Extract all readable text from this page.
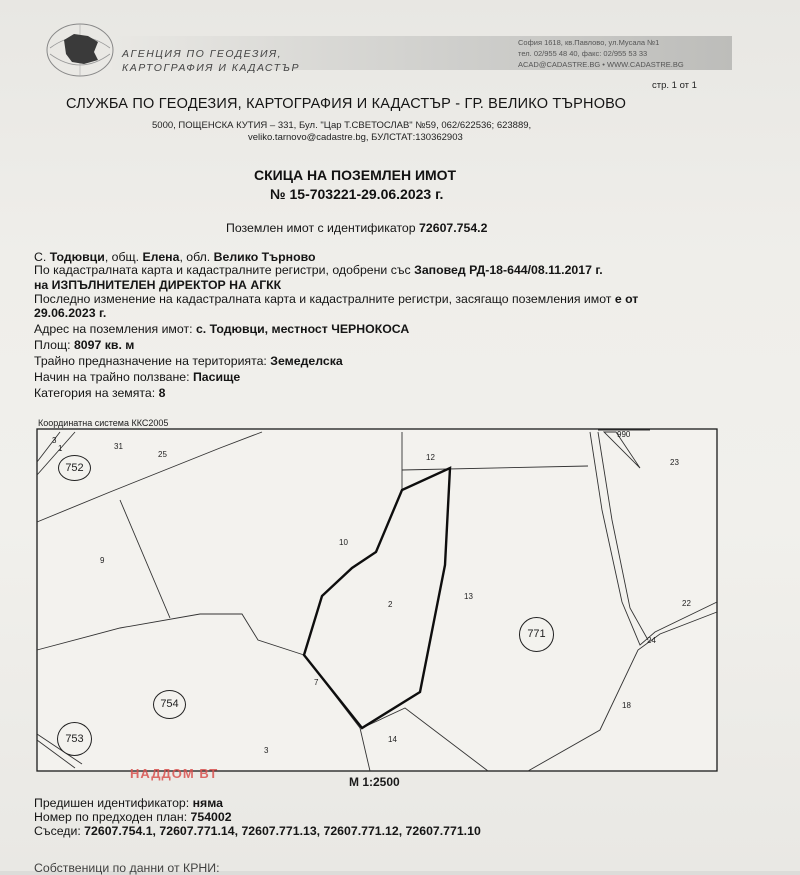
АГЕНЦИЯ ПО ГЕОДЕЗИЯ,
КАРТОГРАФИЯ И КАДАСТЪР
София 1618, кв.Павлово, ул.Мусала №1
тел. 02/955 48 40, факс: 02/955 53 33
ACAD@CADASTRE.BG • WWW.CADASTRE.BG
стр. 1 от 1
СЛУЖБА ПО ГЕОДЕЗИЯ, КАРТОГРАФИЯ И КАДАСТЪР - ГР. ВЕЛИКО ТЪРНОВО
5000, ПОЩЕНСКА КУТИЯ – 331, Бул. "Цар Т.СВЕТОСЛАВ" №59, 062/622536; 623889,
veliko.tarnovo@cadastre.bg, БУЛСТАТ:130362903
СКИЦА НА ПОЗЕМЛЕН ИМОТ
№ 15-703221-29.06.2023 г.
Поземлен имот с идентификатор 72607.754.2
С. Тодювци, общ. Елена, обл. Велико Търново
По кадастралната карта и кадастралните регистри, одобрени със Заповед РД-18-644/08.11.2017 г.
на ИЗПЪЛНИТЕЛЕН ДИРЕКТОР НА АГКК
Последно изменение на кадастралната карта и кадастралните регистри, засягащо поземления имот е от
29.06.2023 г.
Адрес на поземления имот: с. Тодювци, местност ЧЕРНОКОСА
Площ: 8097 кв. м
Трайно предназначение на територията: Земеделска
Начин на трайно ползване: Пасище
Категория на земята: 8
Координатна система ККС2005
3
1	31
25
990
12
23
9
10
2
13
22
24
7
18
14
3
752
754
753
771
НАДДОМ ВТ
М 1:2500
Предишен идентификатор: няма
Номер по предходен план: 754002
Съседи: 72607.754.1, 72607.771.14, 72607.771.13, 72607.771.12, 72607.771.10
Собственици по данни от КРНИ:
